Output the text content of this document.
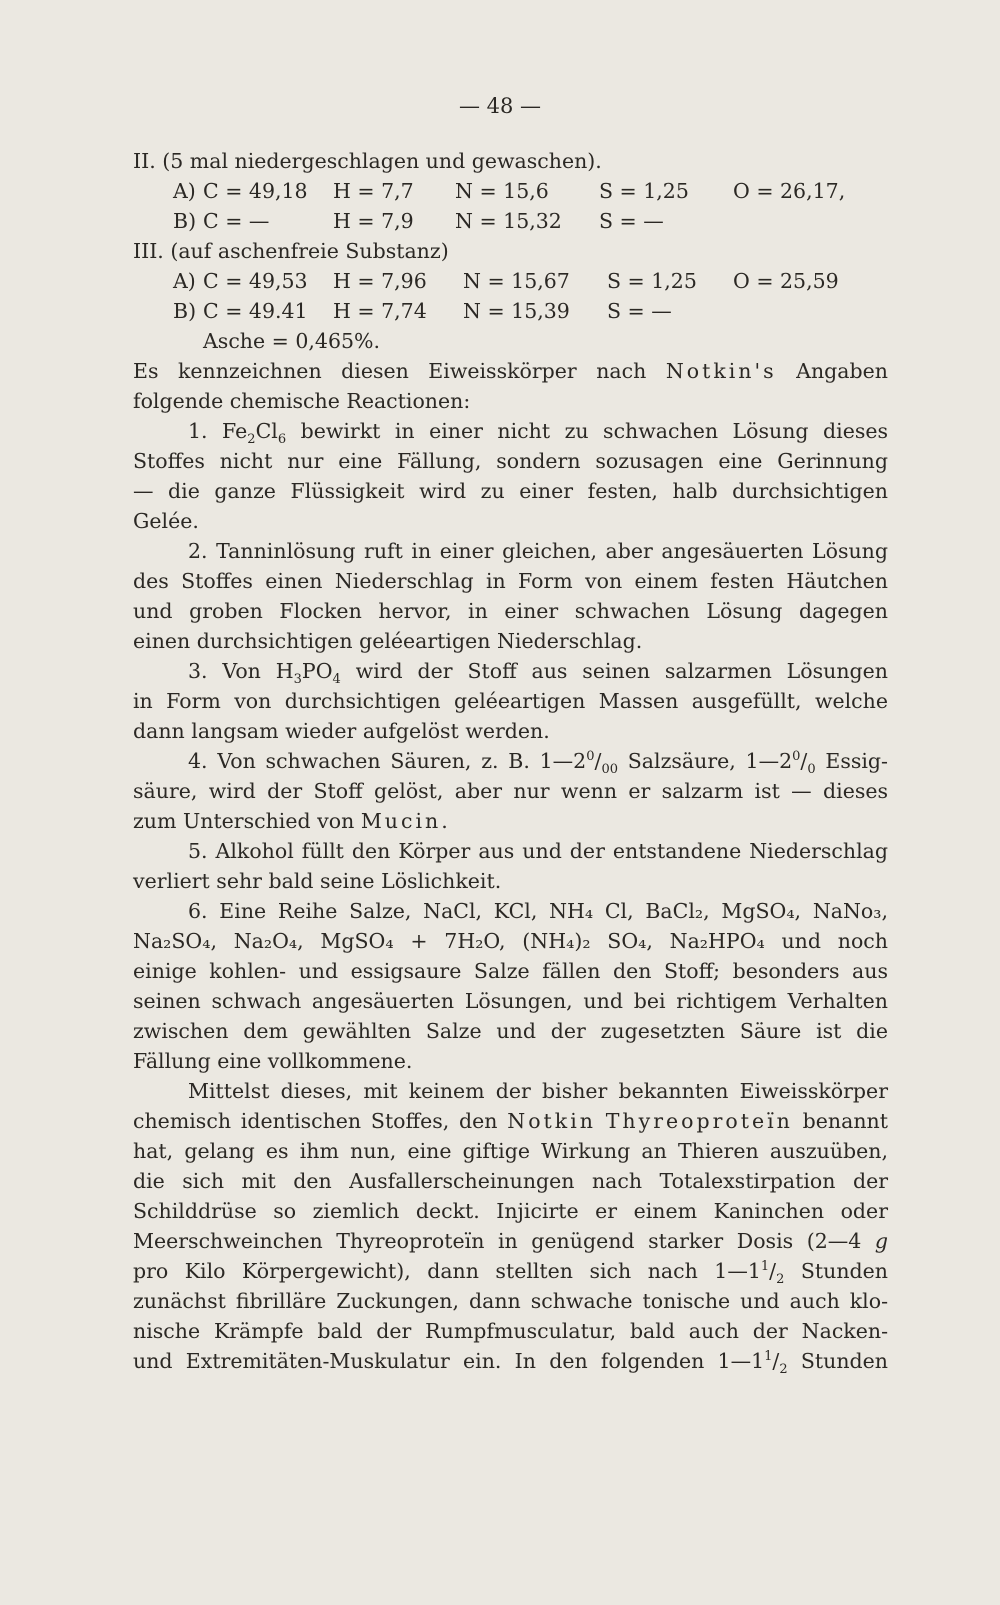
— 48 —
II. (5 mal niedergeschlagen und gewaschen).
A) C = 49,18 H = 7,7 N = 15,6 S = 1,25 O = 26,17,
B) C = —	H = 7,9 N = 15,32 S = —
III. (auf aschenfreie Substanz)
A) C = 49,53 H = 7,96 N = 15,67 S = 1,25 O = 25,59
B) C = 49.41 H = 7,74 N = 15,39 S = —
Asche = 0,465%.
Es kennzeichnen diesen Eiweisskörper nach Notkin's Angaben
folgende chemische Reactionen:
1. $Fe_2Cl_6$ bewirkt in einer nicht zu schwachen Lösung dieses
Stoffes nicht nur eine Fällung, sondern sozusagen eine Gerinnung
— die ganze Flüssigkeit wird zu einer festen, halb durchsichtigen
Gelée.
2. Tanninlösung ruft in einer gleichen, aber angesäuerten Lösung
des Stoffes einen Niederschlag in Form von einem festen Häutchen
und groben Flocken hervor, in einer schwachen Lösung dagegen
einen durchsichtigen geléeartigen Niederschlag.
3. Von $H_3PO_4$ wird der Stoff aus seinen salzarmen Lösungen
in Form von durchsichtigen geléeartigen Massen ausgefüllt, welche
dann langsam wieder aufgelöst werden.
4. Von schwachen Säuren, z. B. $1—2^0/_{00}$ Salzsäure, $1—2^0/_0$ Essig-
säure, wird der Stoff gelöst, aber nur wenn er salzarm ist — dieses
zum Unterschied von Mucin.
5. Alkohol füllt den Körper aus und der entstandene Niederschlag
verliert sehr bald seine Löslichkeit.
6. Eine Reihe Salze, NaCl, KCl, NH₄ Cl, BaCl₂, MgSO₄, NaNo₃,
Na₂SO₄, Na₂O₄, MgSO₄ + 7H₂O, (NH₄)₂ SO₄, Na₂HPO₄ und noch
einige kohlen- und essigsaure Salze fällen den Stoff; besonders aus
seinen schwach angesäuerten Lösungen, und bei richtigem Verhalten
zwischen dem gewählten Salze und der zugesetzten Säure ist die
Fällung eine vollkommene.
Mittelst dieses, mit keinem der bisher bekannten Eiweisskörper
chemisch identischen Stoffes, den Notkin Thyreoproteïn benannt
hat, gelang es ihm nun, eine giftige Wirkung an Thieren auszuüben,
die sich mit den Ausfallerscheinungen nach Totalexstirpation der
Schilddrüse so ziemlich deckt. Injicirte er einem Kaninchen oder
Meerschweinchen Thyreoproteïn in genügend starker Dosis (2—4 g
pro Kilo Körpergewicht), dann stellten sich nach $1—1^1/_2$ Stunden
zunächst fibrilläre Zuckungen, dann schwache tonische und auch klo-
nische Krämpfe bald der Rumpfmusculatur, bald auch der Nacken-
und Extremitäten-Muskulatur ein. In den folgenden $1—1^1/_2$ Stunden
